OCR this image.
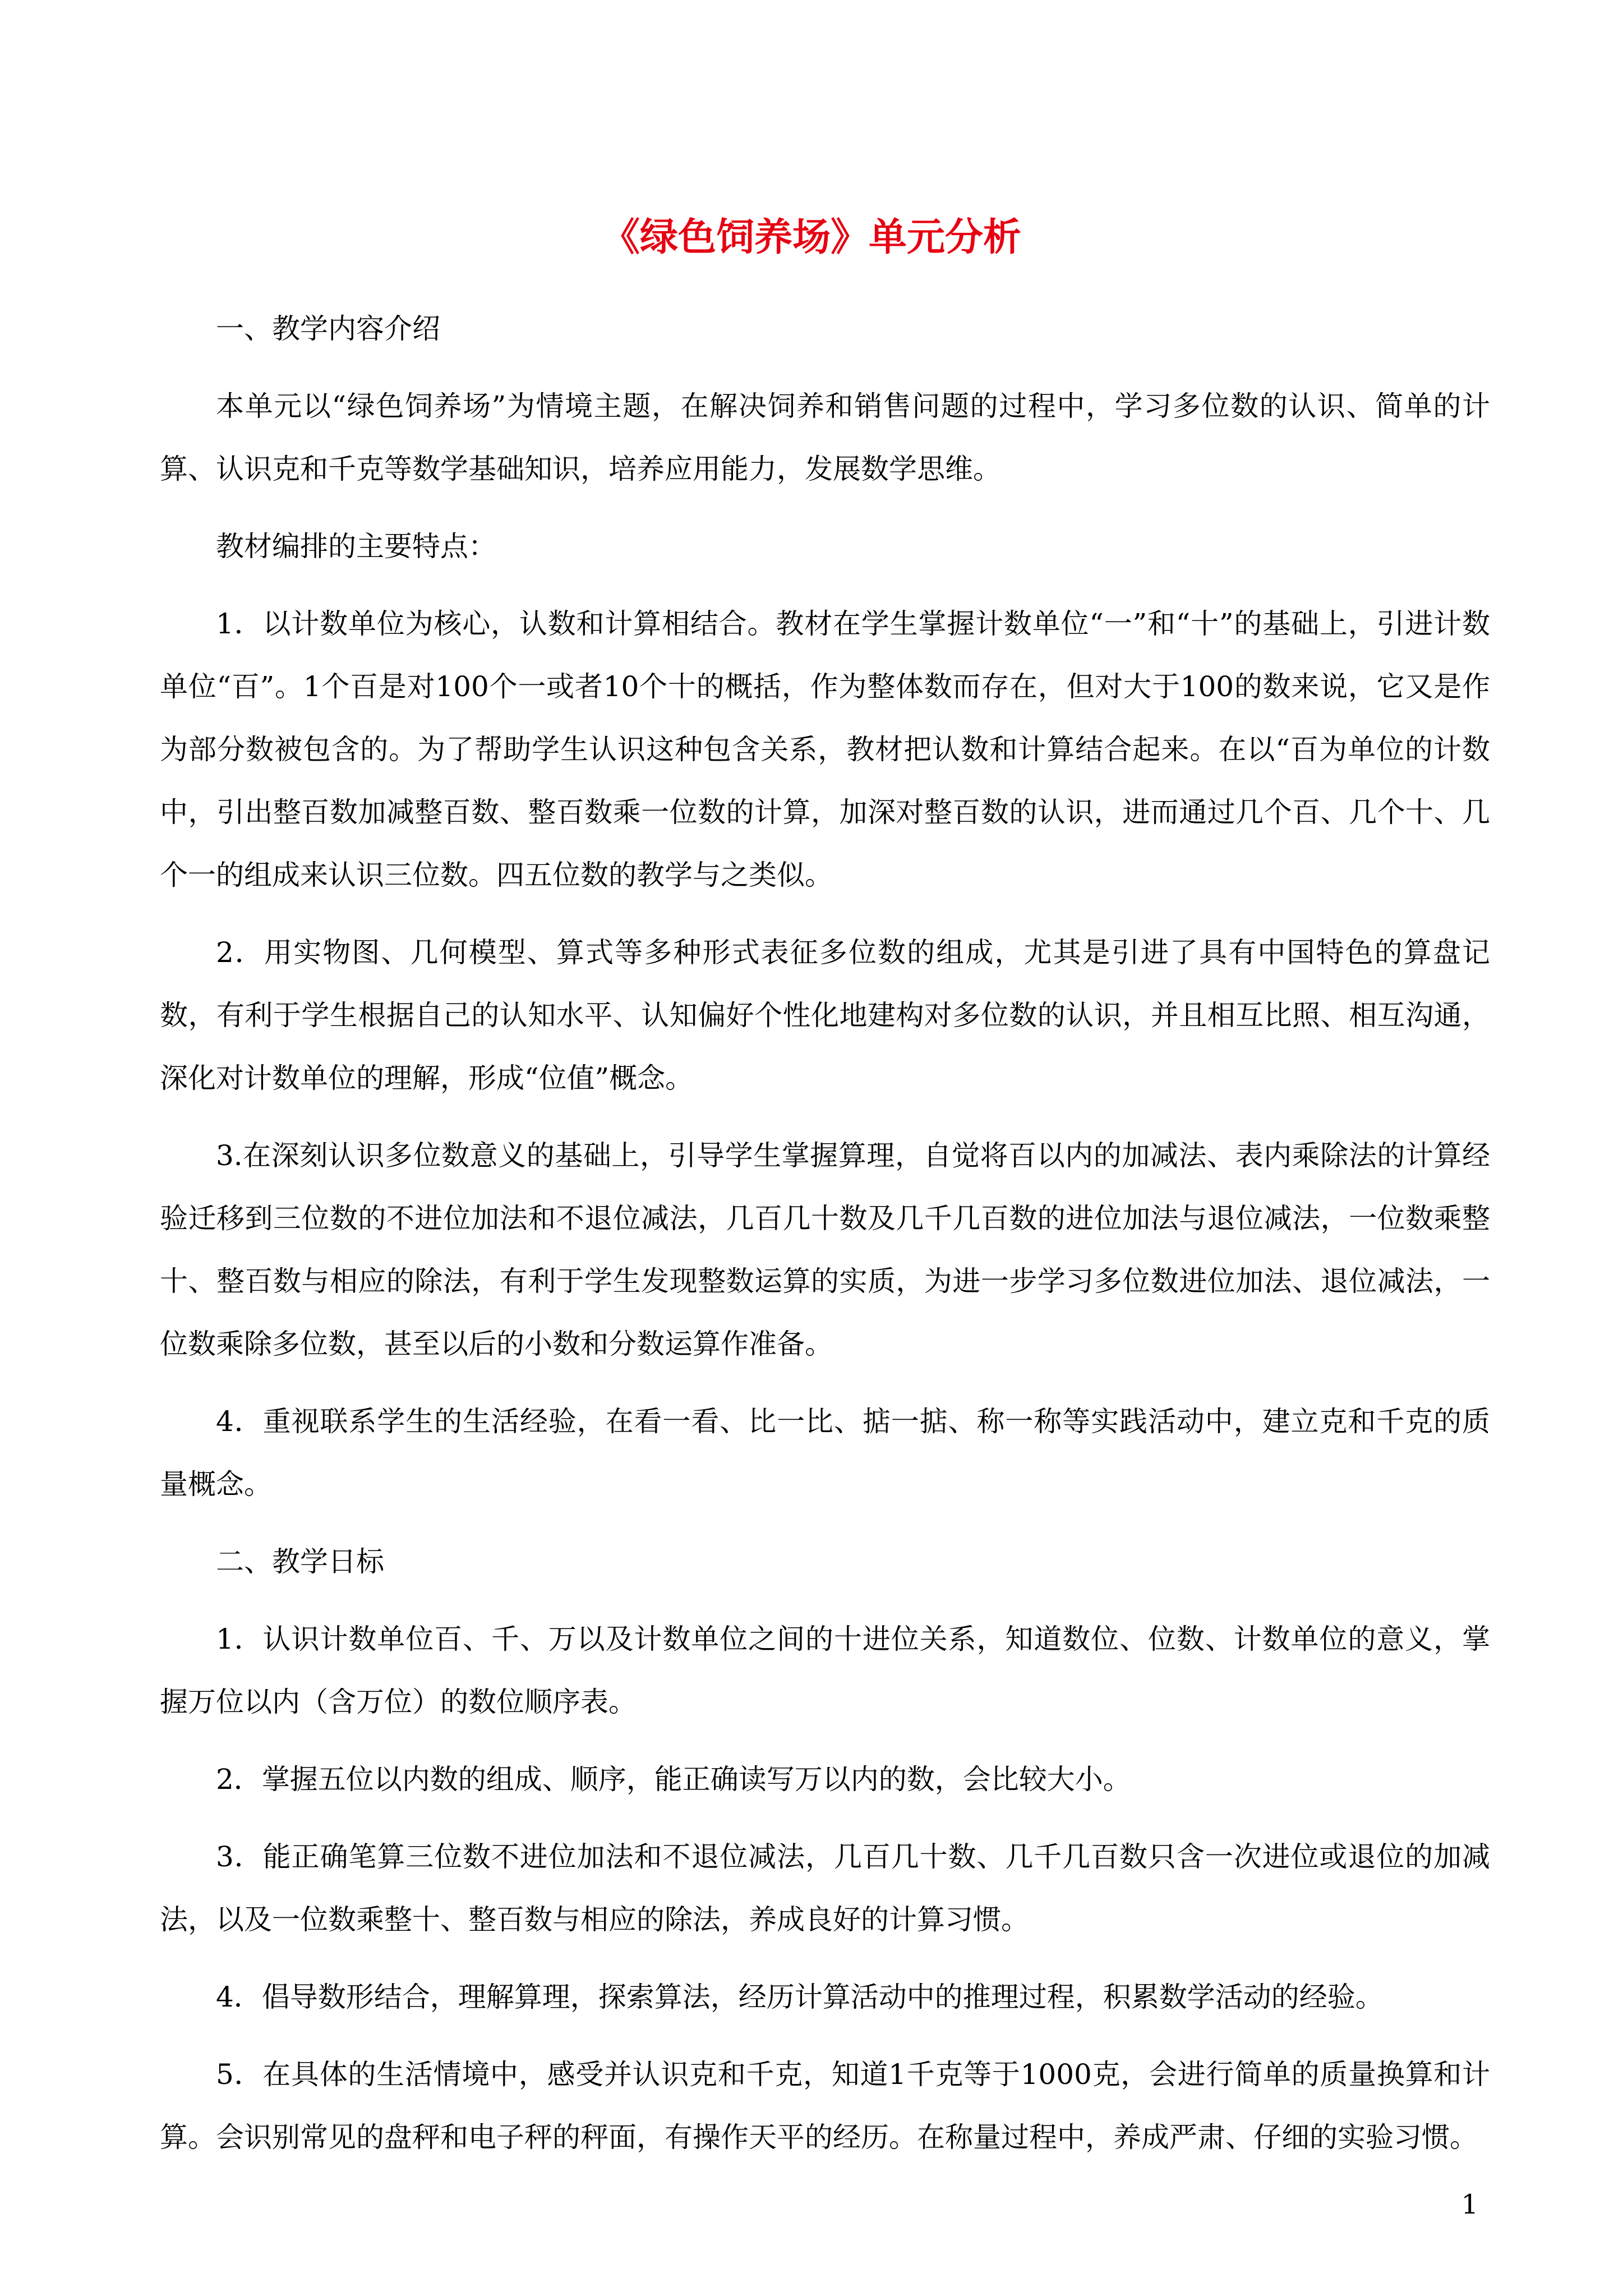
《绿色饲养场》单元分析

一、教学内容介绍

本单元以“绿色饲养场”为情境主题，在解决饲养和销售问题的过程中，学习多位数的认识、简单的计算、认识克和千克等数学基础知识，培养应用能力，发展数学思维。

教材编排的主要特点：

1．以计数单位为核心，认数和计算相结合。教材在学生掌握计数单位“一”和“十”的基础上，引进计数单位“百”。1个百是对100个一或者10个十的概括，作为整体数而存在，但对大于100的数来说，它又是作为部分数被包含的。为了帮助学生认识这种包含关系，教材把认数和计算结合起来。在以“百为单位的计数中，引出整百数加减整百数、整百数乘一位数的计算，加深对整百数的认识，进而通过几个百、几个十、几个一的组成来认识三位数。四五位数的教学与之类似。

2．用实物图、几何模型、算式等多种形式表征多位数的组成，尤其是引进了具有中国特色的算盘记数，有利于学生根据自己的认知水平、认知偏好个性化地建构对多位数的认识，并且相互比照、相互沟通，深化对计数单位的理解，形成“位值”概念。

3.在深刻认识多位数意义的基础上，引导学生掌握算理，自觉将百以内的加减法、表内乘除法的计算经验迁移到三位数的不进位加法和不退位减法，几百几十数及几千几百数的进位加法与退位减法，一位数乘整十、整百数与相应的除法，有利于学生发现整数运算的实质，为进一步学习多位数进位加法、退位减法，一位数乘除多位数，甚至以后的小数和分数运算作准备。

4．重视联系学生的生活经验，在看一看、比一比、掂一掂、称一称等实践活动中，建立克和千克的质量概念。

二、教学日标

1．认识计数单位百、千、万以及计数单位之间的十进位关系，知道数位、位数、计数单位的意义，掌握万位以内（含万位）的数位顺序表。

2．掌握五位以内数的组成、顺序，能正确读写万以内的数，会比较大小。

3．能正确笔算三位数不进位加法和不退位减法，几百几十数、几千几百数只含一次进位或退位的加减法，以及一位数乘整十、整百数与相应的除法，养成良好的计算习惯。

4．倡导数形结合，理解算理，探索算法，经历计算活动中的推理过程，积累数学活动的经验。

5．在具体的生活情境中，感受并认识克和千克，知道1千克等于1000克，会进行简单的质量换算和计算。会识别常见的盘秤和电子秤的秤面，有操作天平的经历。在称量过程中，养成严肃、仔细的实验习惯。

1
